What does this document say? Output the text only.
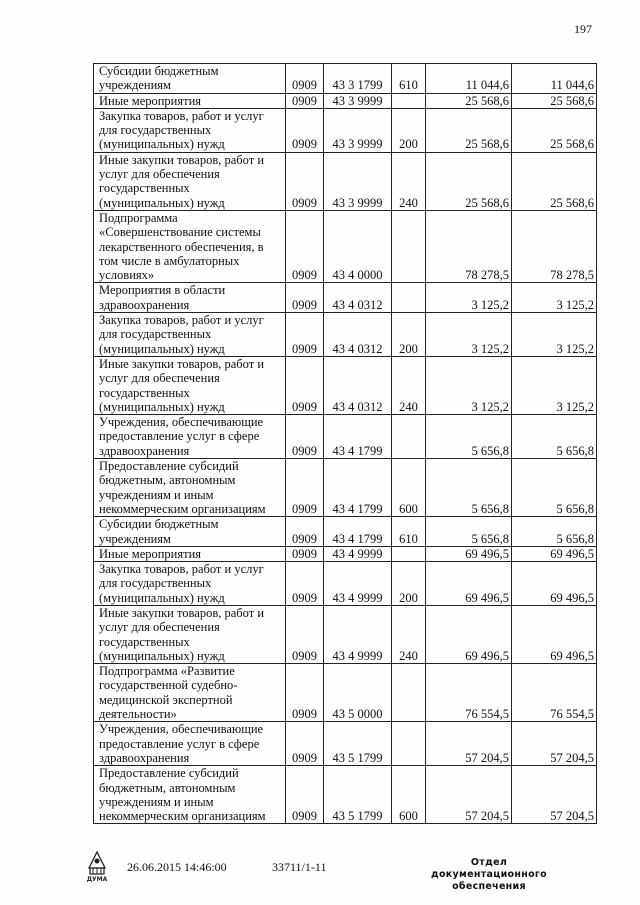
197
Субсидии бюджетным учреждениям	0909	43 3 1799	610	11 044,6	11 044,6
Иные мероприятия	0909	43 3 9999		25 568,6	25 568,6
Закупка товаров, работ и услуг для государственных (муниципальных) нужд	0909	43 3 9999	200	25 568,6	25 568,6
Иные закупки товаров, работ и услуг для обеспечения государственных (муниципальных) нужд	0909	43 3 9999	240	25 568,6	25 568,6
Подпрограмма «Совершенствование системы лекарственного обеспечения, в том числе в амбулаторных условиях»	0909	43 4 0000		78 278,5	78 278,5
Мероприятия в области здравоохранения	0909	43 4 0312		3 125,2	3 125,2
Закупка товаров, работ и услуг для государственных (муниципальных) нужд	0909	43 4 0312	200	3 125,2	3 125,2
Иные закупки товаров, работ и услуг для обеспечения государственных (муниципальных) нужд	0909	43 4 0312	240	3 125,2	3 125,2
Учреждения, обеспечивающие предоставление услуг в сфере здравоохранения	0909	43 4 1799		5 656,8	5 656,8
Предоставление субсидий бюджетным, автономным учреждениям и иным некоммерческим организациям	0909	43 4 1799	600	5 656,8	5 656,8
Субсидии бюджетным учреждениям	0909	43 4 1799	610	5 656,8	5 656,8
Иные мероприятия	0909	43 4 9999		69 496,5	69 496,5
Закупка товаров, работ и услуг для государственных (муниципальных) нужд	0909	43 4 9999	200	69 496,5	69 496,5
Иные закупки товаров, работ и услуг для обеспечения государственных (муниципальных) нужд	0909	43 4 9999	240	69 496,5	69 496,5
Подпрограмма «Развитие государственной судебно-медицинской экспертной деятельности»	0909	43 5 0000		76 554,5	76 554,5
Учреждения, обеспечивающие предоставление услуг в сфере здравоохранения	0909	43 5 1799		57 204,5	57 204,5
Предоставление субсидий бюджетным, автономным учреждениям и иным некоммерческим организациям	0909	43 5 1799	600	57 204,5	57 204,5
ДУМА
26.06.2015 14:46:00	33711/1-11	Отдел документационного
обеспечения
